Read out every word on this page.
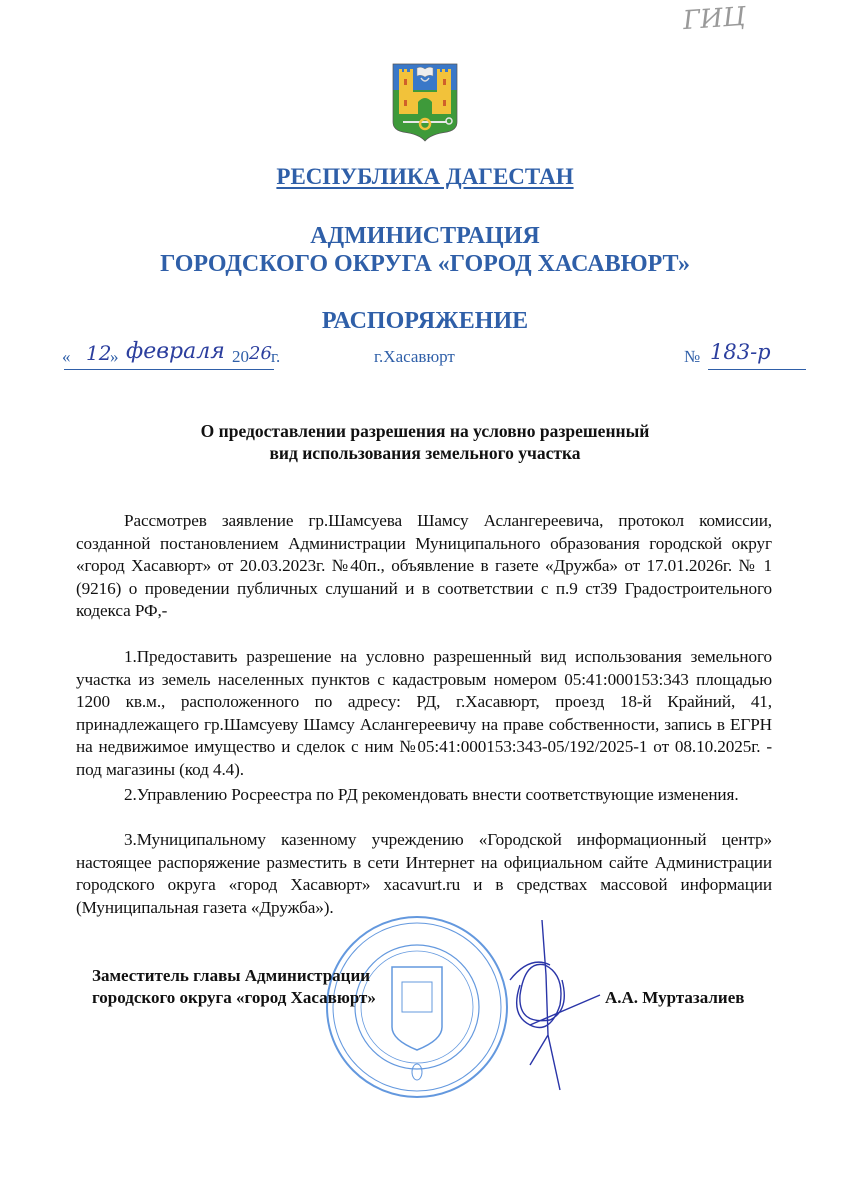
ГИЦ
РЕСПУБЛИКА ДАГЕСТАН
АДМИНИСТРАЦИЯ
ГОРОДСКОГО ОКРУГА «ГОРОД ХАСАВЮРТ»
РАСПОРЯЖЕНИЕ
« 12
» февраля 20 26 г.	г.Хасавюрт	№ 183-р
О предоставлении разрешения на условно разрешенный
вид использования земельного участка
Рассмотрев заявление гр.Шамсуева Шамсу Аслангереевича, протокол комиссии, созданной постановлением Администрации Муниципального образования городской округ «город Хасавюрт» от 20.03.2023г. №40п., объявление в газете «Дружба» от 17.01.2026г. № 1 (9216) о проведении публичных слушаний и в соответствии с п.9 ст39 Градостроительного кодекса РФ,-
1.Предоставить разрешение на условно разрешенный вид использования земельного участка из земель населенных пунктов с кадастровым номером 05:41:000153:343 площадью 1200 кв.м., расположенного по адресу: РД, г.Хасавюрт, проезд 18-й Крайний, 41, принадлежащего гр.Шамсуеву Шамсу Аслангереевичу на праве собственности, запись в ЕГРН на недвижимое имущество и сделок с ним №05:41:000153:343-05/192/2025-1 от 08.10.2025г. - под магазины (код 4.4).
2.Управлению Росреестра по РД рекомендовать внести соответствующие изменения.
3.Муниципальному казенному учреждению «Городской информационный центр» настоящее распоряжение разместить в сети Интернет на официальном сайте Администрации городского округа «город Хасавюрт» xacavurt.ru и в средствах массовой информации (Муниципальная газета «Дружба»).
Заместитель главы Администрации
городского округа «город Хасавюрт»	А.А. Муртазалиев
